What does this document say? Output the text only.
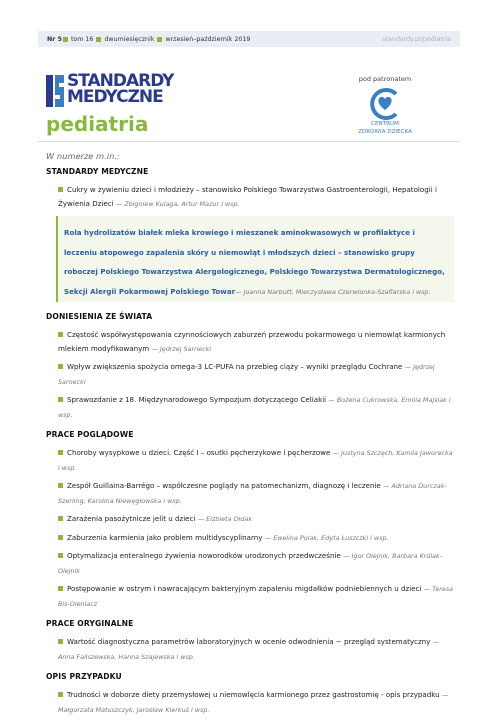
Nr 5 tom 16 dwumiesięcznik wrzesień–październik 2019	standardy.pl/pediatria
STANDARDY
MEDYCZNE
pediatria
pod patronatem
CENTRUM
ZDROWIA DZIECKA
W numerze m.in.:
STANDARDY MEDYCZNE
Cukry w żywieniu dzieci i młodzieży – stanowisko Polskiego Towarzystwa Gastroenterologii, Hepatologii i Żywienia Dzieci — Zbigniew Kulaga, Artur Mazur i wsp.
Rola hydrolizatów białek mleka krowiego i mieszanek aminokwasowych w profilaktyce i leczeniu atopowego zapalenia skóry u niemowląt i młodszych dzieci – stanowisko grupy roboczej Polskiego Towarzystwa Alergologicznego, Polskiego Towarzystwa Dermatologicznego, Sekcji Alergii Pokarmowej Polskiego Towar— Joanna Narbutt, Mieczysława Czerwionka-Szaflarska i wsp.
DONIESIENIA ZE ŚWIATA
Częstość współwystępowania czynnościowych zaburzeń przewodu pokarmowego u niemowląt karmionych mlekiem modyfikowanym — Jędrzej Sarnecki
Wpływ zwiększenia spożycia omega-3 LC-PUFA na przebieg ciąży – wyniki przeglądu Cochrane — Jędrzej Sarnecki
Sprawozdanie z 18. Międzynarodowego Sympozjum dotyczącego Celiakii — Bożena Cukrowska, Emilia Majsiak i wsp.
PRACE POGLĄDOWE
Choroby wysypkowe u dzieci. Część I – osutki pęcherzykowe i pęcherzowe — Justyna Szczęch, Kamila Jaworecka i wsp.
Zespół Guillaina-Barrégo – współczesne poglądy na patomechanizm, diagnozę i leczenie — Adriana Durczak-Szerling, Karolina Niewęgłowska i wsp.
Zarażenia pasożytnicze jelit u dzieci — Elżbieta Ołdak
Zaburzenia karmienia jako problem multidyscyplinarny — Ewelina Polak, Edyta Łuszczki i wsp.
Optymalizacja enteralnego żywienia noworodków urodzonych przedwcześnie — Igor Olejnik, Barbara Królak-Olejnik
Postępowanie w ostrym i nawracającym bakteryjnym zapaleniu migdałków podniebiennych u dzieci — Teresa Bis-Oleniacz
PRACE ORYGINALNE
Wartość diagnostyczna parametrów laboratoryjnych w ocenie odwodnienia − przegląd systematyczny — Anna Faliszewska, Hanna Szajewska i wsp.
OPIS PRZYPADKU
Trudności w doborze diety przemysłowej u niemowlęcia karmionego przez gastrostomię - opis przypadku — Małgorzata Matuszczyk, Jarosław Kierkuś i wsp.
